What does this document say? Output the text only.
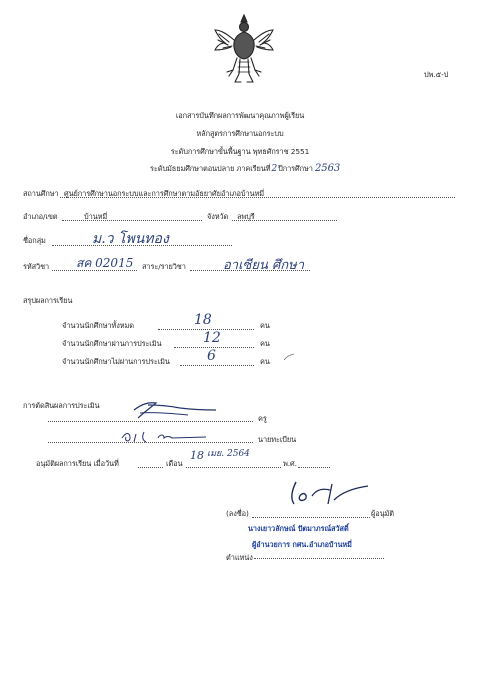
ปพ.๕-ป
เอกสารบันทึกผลการพัฒนาคุณภาพผู้เรียน
หลักสูตรการศึกษานอกระบบ
ระดับการศึกษาขั้นพื้นฐาน พุทธศักราช 2551
ระดับมัธยมศึกษาตอนปลาย ภาคเรียนที่2ปีการศึกษา 2563
สถานศึกษา ศูนย์การศึกษานอกระบบและการศึกษาตามอัธยาศัยอำเภอบ้านหมี่
อำเภอ/เขต	บ้านหมี่	จังหวัด ลพบุรี
ชื่อกลุ่ม	ม.ว โพนทอง
รหัสวิชา สค 02015 สาระ/รายวิชา	อาเซียน ศึกษา
สรุปผลการเรียน
จำนวนนักศึกษาทั้งหมด	18	คน
จำนวนนักศึกษาผ่านการประเมิน	12	คน
จำนวนนักศึกษาไม่ผ่านการประเมิน	6	คน
การตัดสินผลการประเมิน
ครู
นายทะเบียน
อนุมัติผลการเรียน เมื่อวันที่	เดือน
18 เมย. 2564
พ.ศ.
(ลงชื่อ)	ผู้อนุมัติ
นางเยาวลักษณ์ ปัตมาภรณ์สวัสดิ์
ผู้อำนวยการ กศน.อำเภอบ้านหมี่
ตำแหน่ง
